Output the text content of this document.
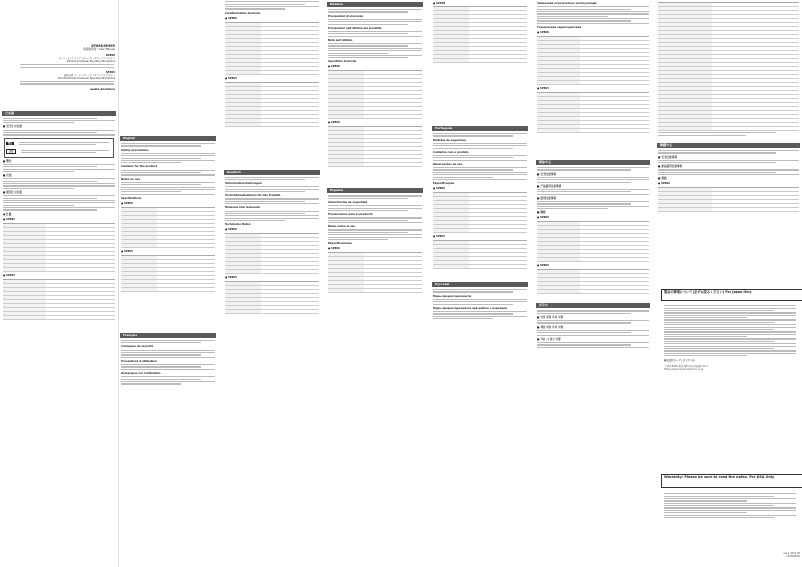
SP896/SP895
取扱説明書 / User Manual
SP896
カーディオイドコンデンサーバウンダリーマイクロホン
Cardioid Condenser Boundary Microphone
SP895
無指向性 コンデンサーバウンダリーマイクロホン
Omnidirectional Condenser Boundary Microphone
audio-technica
日本語
■ 安全上の注意
警告
注意
■ 警告
■ 注意
■ 使用上の注意
● 仕様
● SP896
● SP895
English
Safety precautions
Cautions for the product
Notes on use
Specifications
● SP896
● SP895
Français
Consignes de sécurité
Précautions d'utilisation
Remarques sur l'utilisation
Caratteristiche tecniche
● SP896
● SP895
Deutsch
Sicherheitsvorkehrungen
Vorsichtsmaßnahmen für das Produkt
Hinweise zum Gebrauch
Technische Daten
● SP896
● SP895
Italiano
Precauzioni di sicurezza
Precauzioni nell'utilizzo del prodotto
Note sull'utilizzo
Specifiche tecniche
● SP896
● SP895
Español
Advertencias de seguridad
Precauciones para el producto
Notas sobre el uso
Especificaciones
● SP896
● SP895
Português
Medidas de segurança
Cuidados com o produto
Observações de uso
Especificações
● SP896
● SP895
Русский
Меры предосторожности
Меры предосторожности при работе с изделием
Замечания относительно эксплуатации
Технические характеристики
● SP896
● SP895
简体中文
■ 安全注意事项
■ 产品使用注意事项
■ 使用注意事项
■ 规格
● SP896
● SP895
한국어
■ 안전 관련 주의 사항
■ 제품 관련 주의 사항
■ 사용 시 참고 사항
繁體中文
■ 安全注意事項
■ 產品使用注意事項
■ 規格
● SP896
製品の修理について(必ずお読みください) For Japan Only
株式会社オーディオテクニカ
〒194-8666 東京都町田市西成瀬2-46-1
https://www.audio-technica.co.jp
Warranty: Please be sure to read the notes. For USA Only
ver.1 2022.05
143380050
